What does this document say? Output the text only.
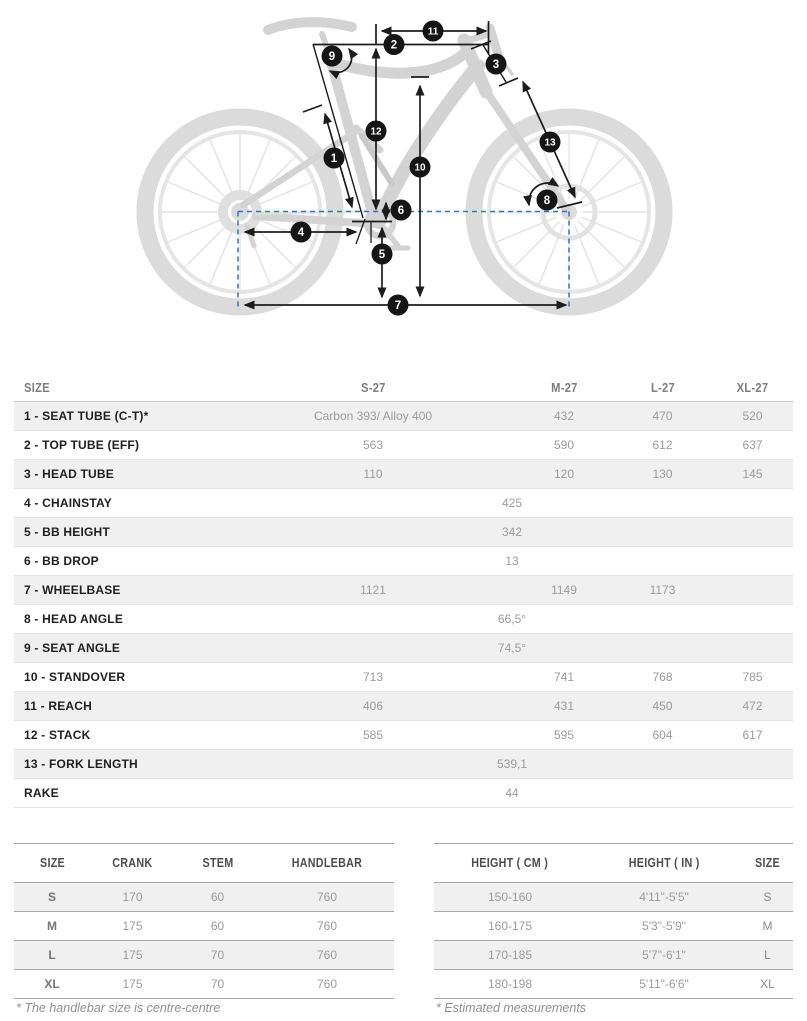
1
2
3
4
5
6
7
8
9
10
11
12
13
SIZE	S-27	M-27	L-27	XL-27
1 - SEAT TUBE (C-T)*	Carbon 393/ Alloy 400	432	470	520
2 - TOP TUBE (EFF)	563	590	612	637
3 - HEAD TUBE	110	120	130	145
4 - CHAINSTAY	425			
5 - BB HEIGHT	342			
6 - BB DROP	13			
7 - WHEELBASE	1121	1149	1173	
8 - HEAD ANGLE	66,5°			
9 - SEAT ANGLE	74,5°			
10 - STANDOVER	713	741	768	785
11 - REACH	406	431	450	472
12 - STACK	585	595	604	617
13 - FORK LENGTH	539,1			
RAKE	44			
SIZE	CRANK	STEM	HANDLEBAR
S	170	60	760
M	175	60	760
L	175	70	760
XL	175	70	760
HEIGHT ( CM )	HEIGHT ( IN )	SIZE
150-160	4'11"-5'5"	S
160-175	5'3"-5'9"	M
170-185	5'7"-6'1"	L
180-198	5'11"-6'6"	XL
* The handlebar size is centre-centre	* Estimated measurements
